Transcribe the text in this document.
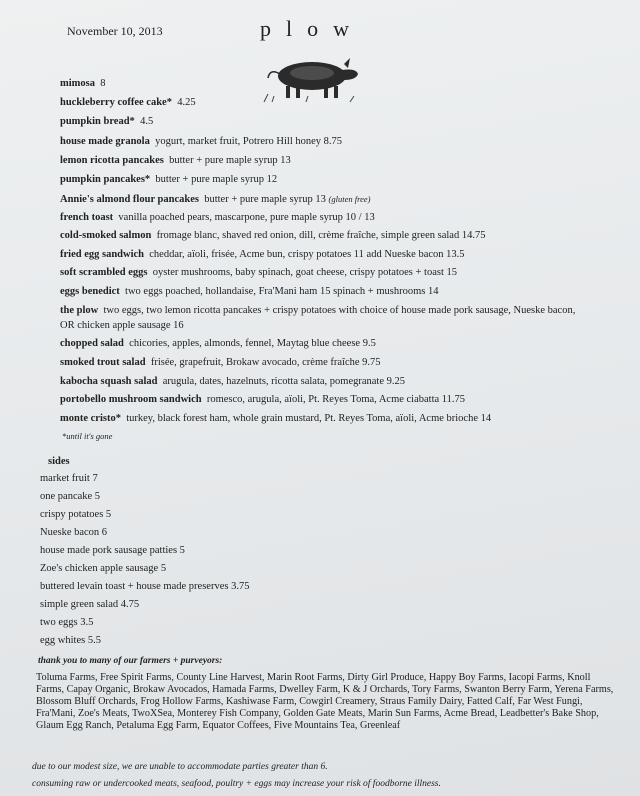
November 10, 2013	plow
mimosa 8
huckleberry coffee cake* 4.25
pumpkin bread* 4.5
house made granola yogurt, market fruit, Potrero Hill honey 8.75
lemon ricotta pancakes butter + pure maple syrup 13
pumpkin pancakes* butter + pure maple syrup 12
Annie's almond flour pancakes butter + pure maple syrup 13 (gluten free)
french toast vanilla poached pears, mascarpone, pure maple syrup 10 / 13
cold-smoked salmon fromage blanc, shaved red onion, dill, crème fraîche, simple green salad 14.75
fried egg sandwich cheddar, aïoli, frisée, Acme bun, crispy potatoes 11 add Nueske bacon 13.5
soft scrambled eggs oyster mushrooms, baby spinach, goat cheese, crispy potatoes + toast 15
eggs benedict two eggs poached, hollandaise, Fra'Mani ham 15 spinach + mushrooms 14
the plow two eggs, two lemon ricotta pancakes + crispy potatoes with choice of house made pork sausage, Nueske bacon,
OR chicken apple sausage 16
chopped salad chicories, apples, almonds, fennel, Maytag blue cheese 9.5
smoked trout salad frisée, grapefruit, Brokaw avocado, crème fraîche 9.75
kabocha squash salad arugula, dates, hazelnuts, ricotta salata, pomegranate 9.25
portobello mushroom sandwich romesco, arugula, aïoli, Pt. Reyes Toma, Acme ciabatta 11.75
monte cristo* turkey, black forest ham, whole grain mustard, Pt. Reyes Toma, aïoli, Acme brioche 14
*until it's gone
sides
market fruit 7
one pancake 5
crispy potatoes 5
Nueske bacon 6
house made pork sausage patties 5
Zoe's chicken apple sausage 5
buttered levain toast + house made preserves 3.75
simple green salad 4.75
two eggs 3.5
egg whites 5.5
thank you to many of our farmers + purveyors:
Toluma Farms, Free Spirit Farms, County Line Harvest, Marin Root Farms, Dirty Girl Produce, Happy Boy Farms, Iacopi Farms, Knoll Farms, Capay Organic, Brokaw Avocados, Hamada Farms, Dwelley Farm, K & J Orchards, Tory Farms, Swanton Berry Farm, Yerena Farms, Blossom Bluff Orchards, Frog Hollow Farms, Kashiwase Farm, Cowgirl Creamery, Straus Family Dairy, Fatted Calf, Far West Fungi, Fra'Mani, Zoe's Meats, TwoXSea, Monterey Fish Company, Golden Gate Meats, Marin Sun Farms, Acme Bread, Leadbetter's Bake Shop, Glaum Egg Ranch, Petaluma Egg Farm, Equator Coffees, Five Mountains Tea, Greenleaf
due to our modest size, we are unable to accommodate parties greater than 6.
consuming raw or undercooked meats, seafood, poultry + eggs may increase your risk of foodborne illness.
